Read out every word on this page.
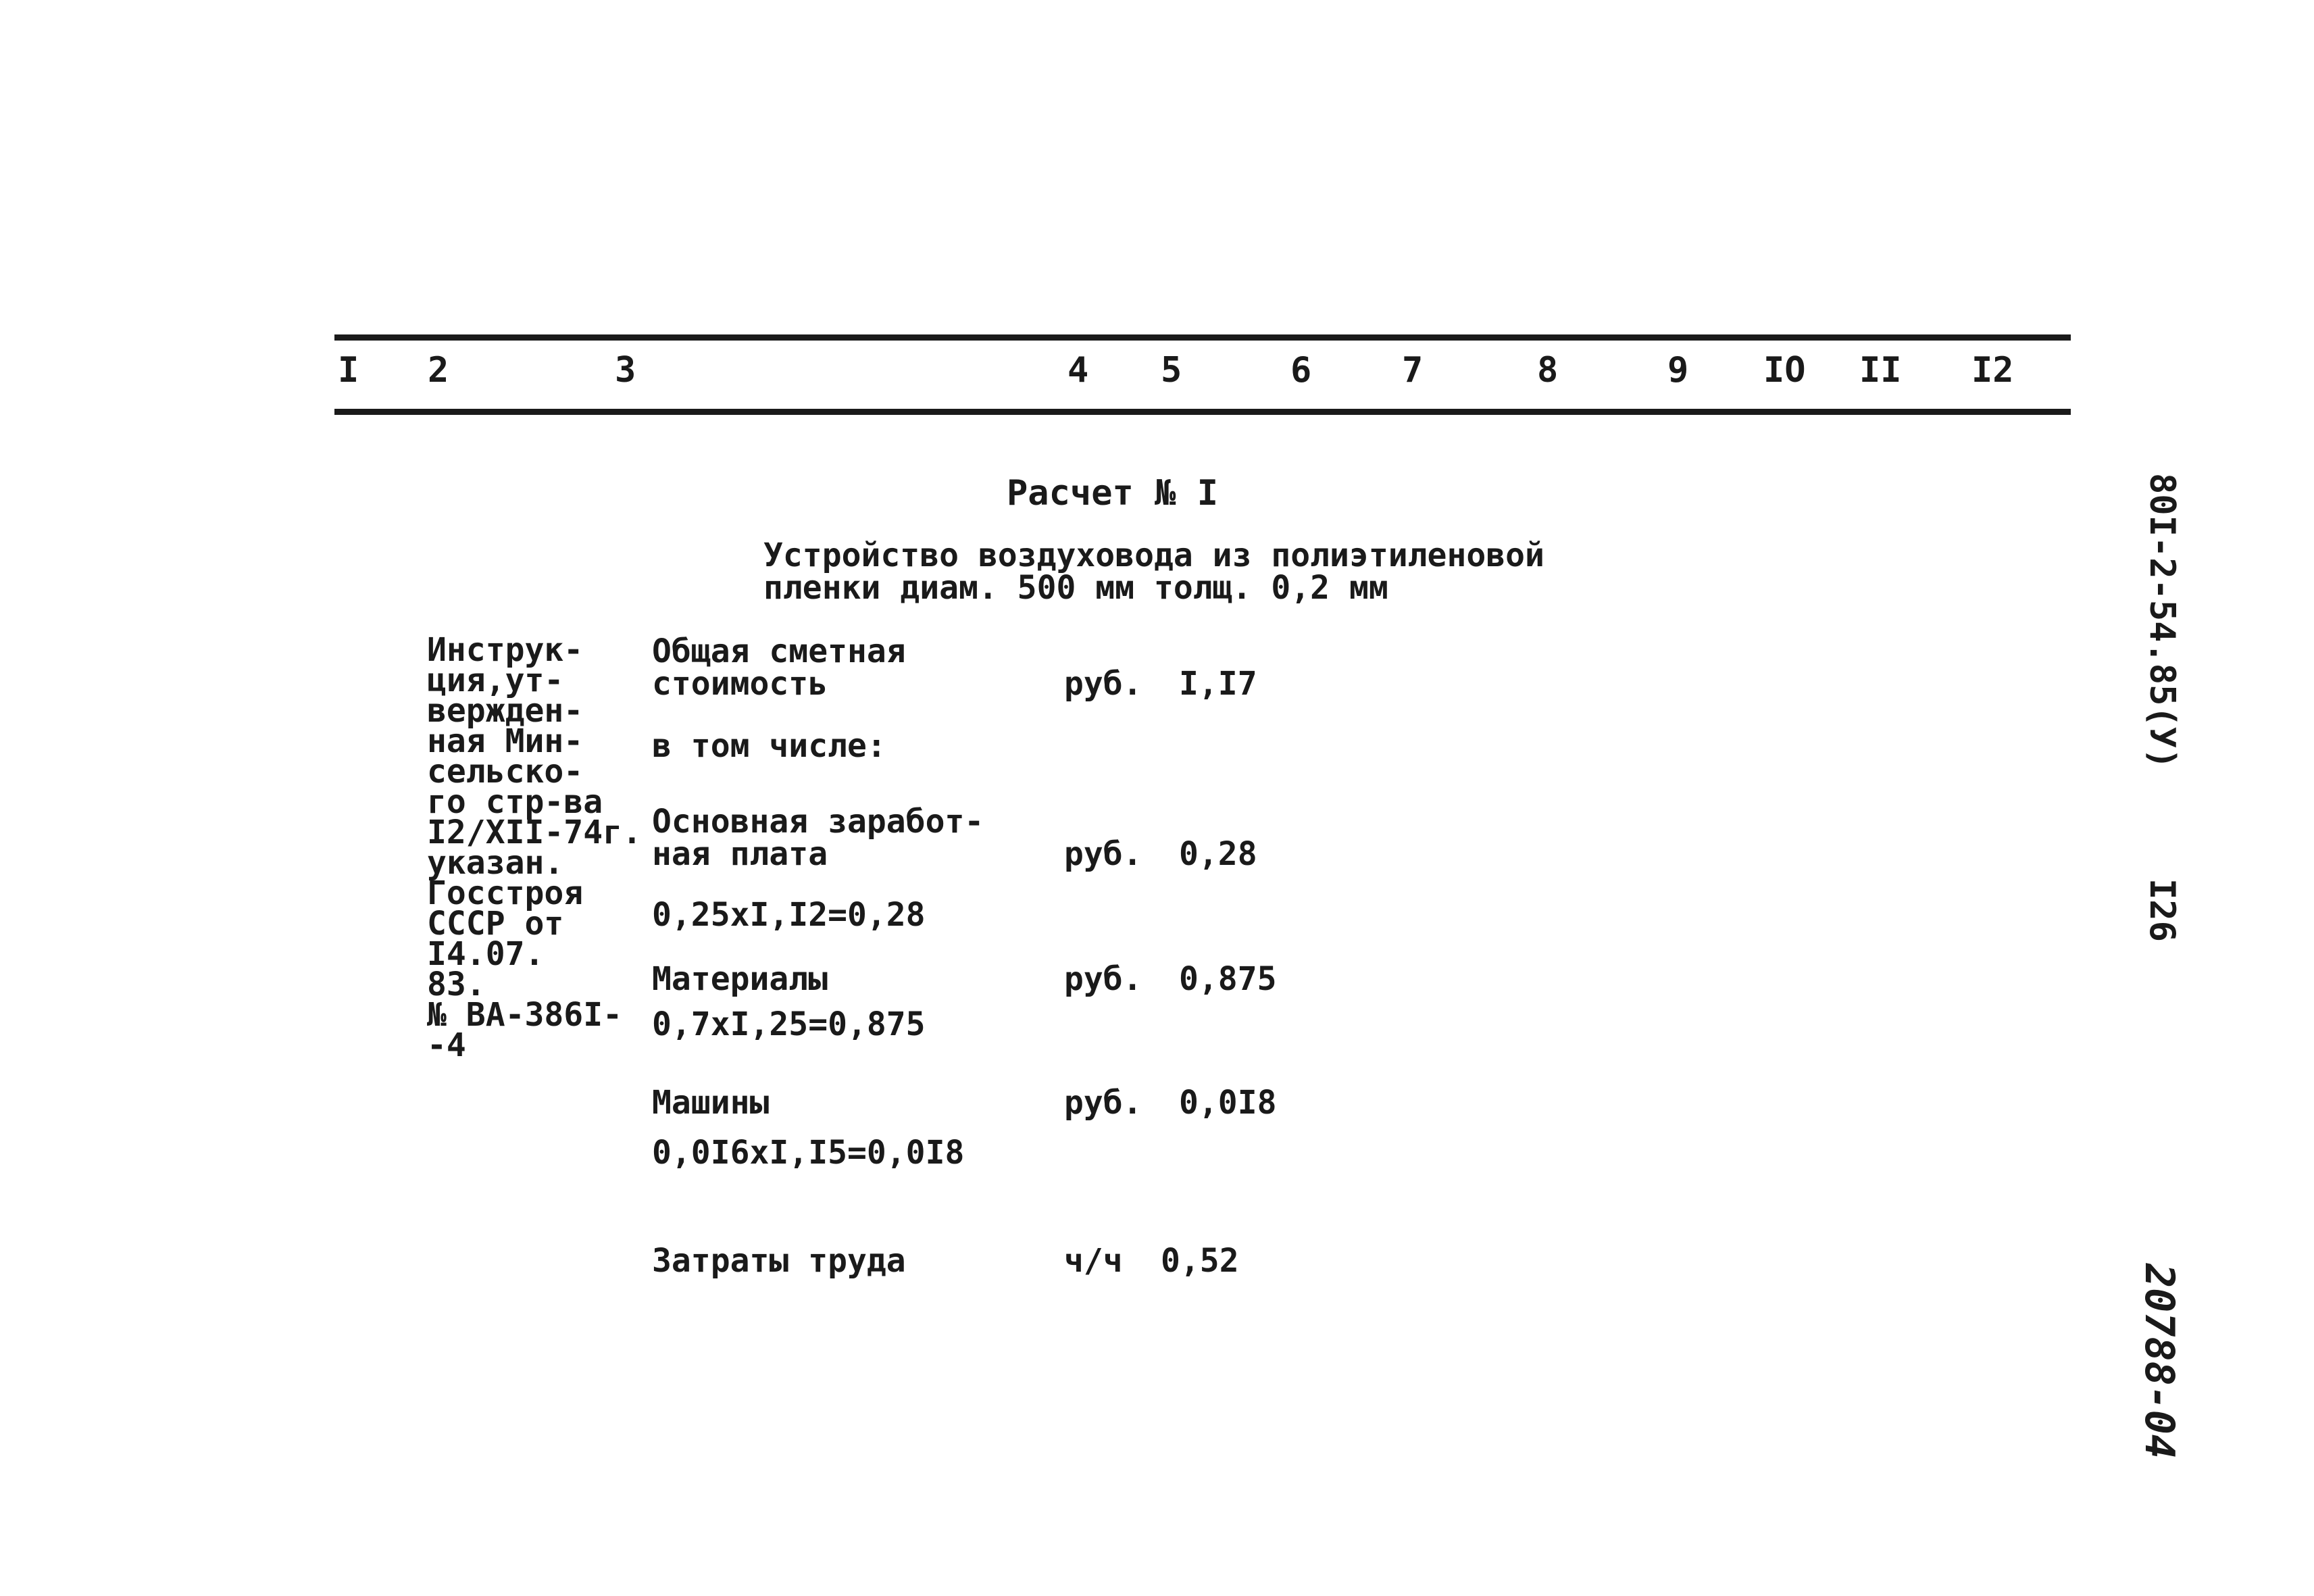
I 2	3	4 5	6	7	8	9 IO II I2
Расчет № I
Устройство воздуховода из полиэтиленовой
пленки диам. 500 мм толщ. 0,2 мм
Инструк-
ция,ут-
вержден-
ная Мин-
сельско-
го стр-ва
I2/XII-74г.
указан.
Госстроя
СССР от
I4.07.
83.
№ ВА-386I-
-4
Общая сметная
стоимость	руб. I,I7
в том числе:
Основная заработ-
ная плата	руб. 0,28
0,25xI,I2=0,28
Материалы	руб. 0,875
0,7xI,25=0,875
Машины	руб. 0,0I8
0,0I6xI,I5=0,0I8
Затраты труда	ч/ч 0,52
80I-2-54.85(У)
I26
20788-04
